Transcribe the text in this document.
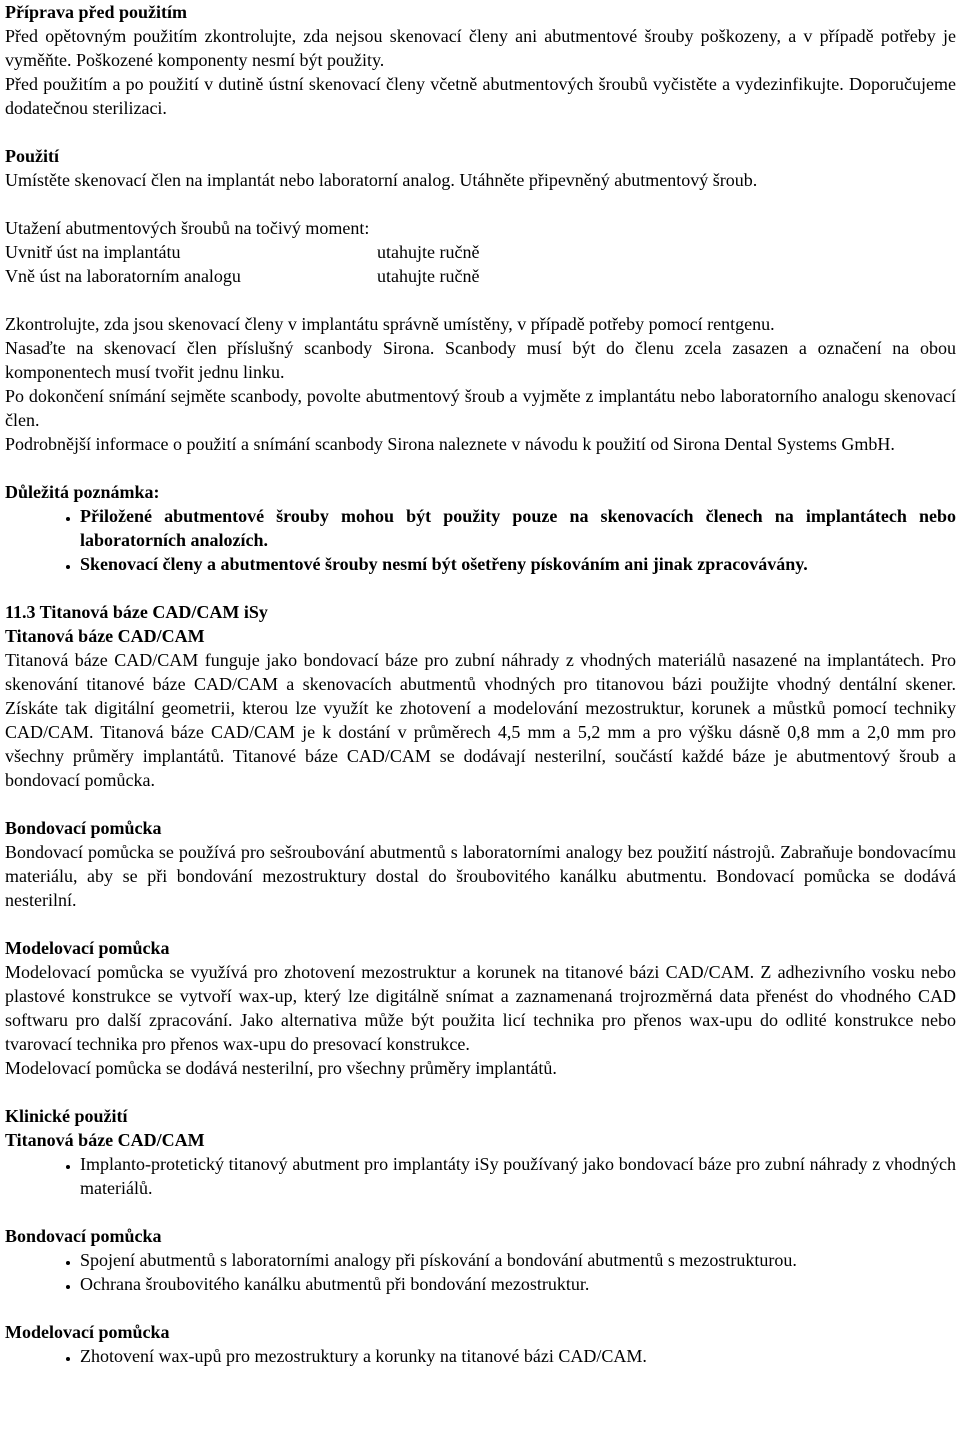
Příprava před použitím

Před opětovným použitím zkontrolujte, zda nejsou skenovací členy ani abutmentové šrouby poškozeny, a v případě potřeby je vyměňte. Poškozené komponenty nesmí být použity.

Před použitím a po použití v dutině ústní skenovací členy včetně abutmentových šroubů vyčistěte a vydezinfikujte. Doporučujeme dodatečnou sterilizaci.

Použití

Umístěte skenovací člen na implantát nebo laboratorní analog. Utáhněte připevněný abutmentový šroub.

Utažení abutmentových šroubů na točivý moment:

Uvnitř úst na implantátu	utahujte ručně
Vně úst na laboratorním analogu	utahujte ručně

Zkontrolujte, zda jsou skenovací členy v implantátu správně umístěny, v případě potřeby pomocí rentgenu.

Nasaďte na skenovací člen příslušný scanbody Sirona. Scanbody musí být do členu zcela zasazen a označení na obou komponentech musí tvořit jednu linku.

Po dokončení snímání sejměte scanbody, povolte abutmentový šroub a vyjměte z implantátu nebo laboratorního analogu skenovací člen.

Podrobnější informace o použití a snímání scanbody Sirona naleznete v návodu k použití od Sirona Dental Systems GmbH.

Důležitá poznámka:

• Přiložené abutmentové šrouby mohou být použity pouze na skenovacích členech na implantátech nebo laboratorních analozích.
• Skenovací členy a abutmentové šrouby nesmí být ošetřeny pískováním ani jinak zpracovávány.

11.3 Titanová báze CAD/CAM iSy

Titanová báze CAD/CAM

Titanová báze CAD/CAM funguje jako bondovací báze pro zubní náhrady z vhodných materiálů nasazené na implantátech. Pro skenování titanové báze CAD/CAM a skenovacích abutmentů vhodných pro titanovou bázi použijte vhodný dentální skener. Získáte tak digitální geometrii, kterou lze využít ke zhotovení a modelování mezostruktur, korunek a můstků pomocí techniky CAD/CAM. Titanová báze CAD/CAM je k dostání v průměrech 4,5 mm a 5,2 mm a pro výšku dásně 0,8 mm a 2,0 mm pro všechny průměry implantátů. Titanové báze CAD/CAM se dodávají nesterilní, součástí každé báze je abutmentový šroub a bondovací pomůcka.

Bondovací pomůcka

Bondovací pomůcka se používá pro sešroubování abutmentů s laboratorními analogy bez použití nástrojů. Zabraňuje bondovacímu materiálu, aby se při bondování mezostruktury dostal do šroubovitého kanálku abutmentu. Bondovací pomůcka se dodává nesterilní.

Modelovací pomůcka

Modelovací pomůcka se využívá pro zhotovení mezostruktur a korunek na titanové bázi CAD/CAM. Z adhezivního vosku nebo plastové konstrukce se vytvoří wax-up, který lze digitálně snímat a zaznamenaná trojrozměrná data přenést do vhodného CAD softwaru pro další zpracování. Jako alternativa může být použita licí technika pro přenos wax-upu do odlité konstrukce nebo tvarovací technika pro přenos wax-upu do presovací konstrukce.

Modelovací pomůcka se dodává nesterilní, pro všechny průměry implantátů.

Klinické použití

Titanová báze CAD/CAM

• Implanto-protetický titanový abutment pro implantáty iSy používaný jako bondovací báze pro zubní náhrady z vhodných materiálů.

Bondovací pomůcka

• Spojení abutmentů s laboratorními analogy při pískování a bondování abutmentů s mezostrukturou.
• Ochrana šroubovitého kanálku abutmentů při bondování mezostruktur.

Modelovací pomůcka

• Zhotovení wax-upů pro mezostruktury a korunky na titanové bázi CAD/CAM.
